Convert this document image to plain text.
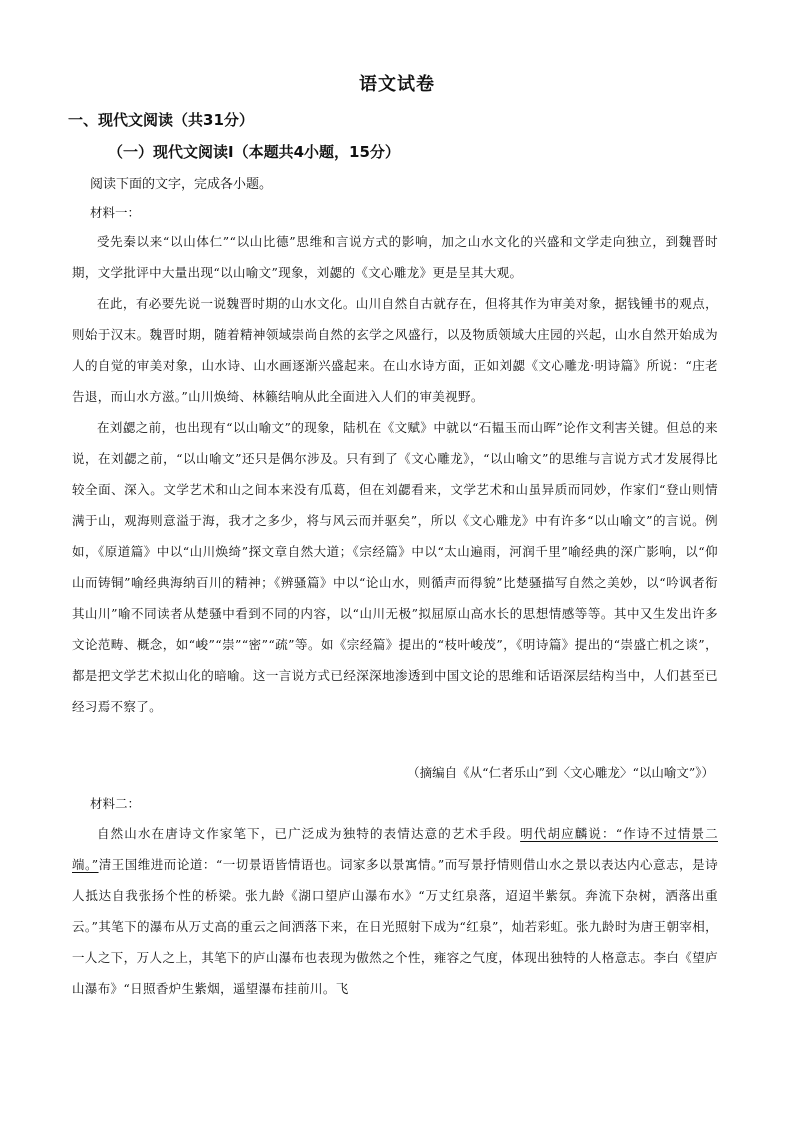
语文试卷
一、现代文阅读（共31分）
（一）现代文阅读Ⅰ（本题共4小题，15分）
阅读下面的文字，完成各小题。
材料一：
受先秦以来“以山体仁”“以山比德”思维和言说方式的影响，加之山水文化的兴盛和文学走向独立，到魏晋时期，文学批评中大量出现“以山喻文”现象，刘勰的《文心雕龙》更是呈其大观。
在此，有必要先说一说魏晋时期的山水文化。山川自然自古就存在，但将其作为审美对象，据钱锺书的观点，则始于汉末。魏晋时期，随着精神领域崇尚自然的玄学之风盛行，以及物质领域大庄园的兴起，山水自然开始成为人的自觉的审美对象，山水诗、山水画逐渐兴盛起来。在山水诗方面，正如刘勰《文心雕龙·明诗篇》所说：“庄老告退，而山水方滋。”山川焕绮、林籁结响从此全面进入人们的审美视野。
在刘勰之前，也出现有“以山喻文”的现象，陆机在《文赋》中就以“石韫玉而山晖”论作文利害关键。但总的来说，在刘勰之前，“以山喻文”还只是偶尔涉及。只有到了《文心雕龙》，“以山喻文”的思维与言说方式才发展得比较全面、深入。文学艺术和山之间本来没有瓜葛，但在刘勰看来，文学艺术和山虽异质而同妙，作家们“登山则情满于山，观海则意溢于海，我才之多少，将与风云而并驱矣”，所以《文心雕龙》中有许多“以山喻文”的言说。例如，《原道篇》中以“山川焕绮”探文章自然大道；《宗经篇》中以“太山遍雨，河润千里”喻经典的深广影响，以“仰山而铸铜”喻经典海纳百川的精神；《辨骚篇》中以“论山水，则循声而得貌”比楚骚描写自然之美妙，以“吟讽者衔其山川”喻不同读者从楚骚中看到不同的内容，以“山川无极”拟屈原山高水长的思想情感等等。其中又生发出许多文论范畴、概念，如“峻”“崇”“密”“疏”等。如《宗经篇》提出的“枝叶峻茂”，《明诗篇》提出的“崇盛亡机之谈”，都是把文学艺术拟山化的暗喻。这一言说方式已经深深地渗透到中国文论的思维和话语深层结构当中，人们甚至已经习焉不察了。
（摘编自《从“仁者乐山”到〈文心雕龙〉“以山喻文”》）
材料二：
自然山水在唐诗文作家笔下，已广泛成为独特的表情达意的艺术手段。明代胡应麟说：“作诗不过情景二端。”清王国维进而论道：“一切景语皆情语也。词家多以景寓情。”而写景抒情则借山水之景以表达内心意志，是诗人抵达自我张扬个性的桥梁。张九龄《湖口望庐山瀑布水》“万丈红泉落，迢迢半紫氛。奔流下杂树，洒落出重云。”其笔下的瀑布从万丈高的重云之间洒落下来，在日光照射下成为“红泉”，灿若彩虹。张九龄时为唐王朝宰相，一人之下，万人之上，其笔下的庐山瀑布也表现为傲然之个性，雍容之气度，体现出独特的人格意志。李白《望庐山瀑布》“日照香炉生紫烟，遥望瀑布挂前川。飞
